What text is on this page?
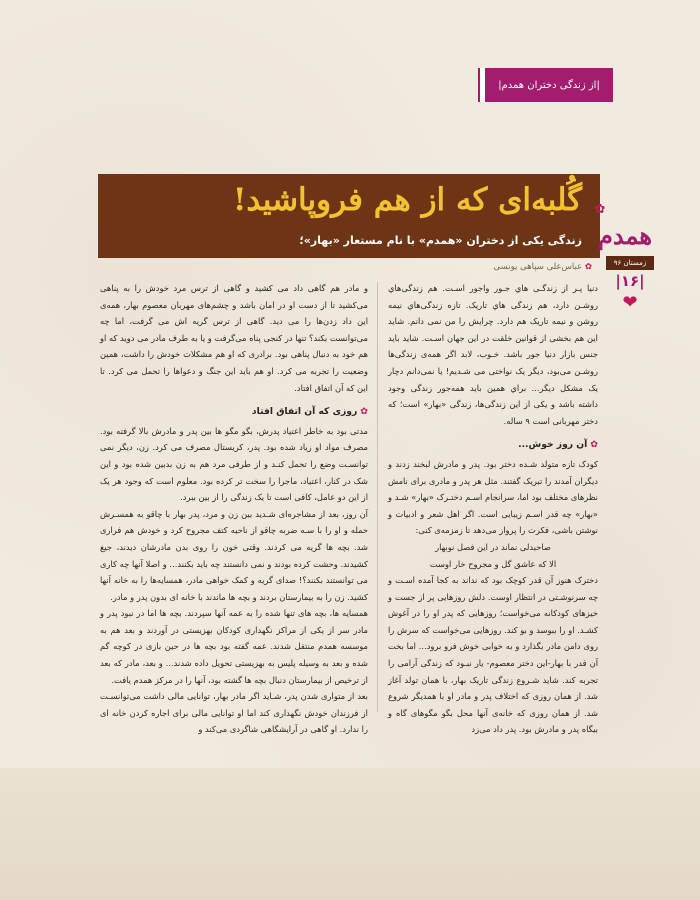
|از زندگی دختران همدم|
گُلبه‌ای که از هم فروپاشید!
زندگی یکی از دختران «همدم» با نام مستعار «بهار»؛
✿
همدم
زمستان ۹۶
|۱۶|
❤
✿ عباس‌علی سپاهی یونسی

دنیا پـر از زندگـی هاي جـور واجور اسـت. هم زندگی‌هاي روشـن دارد، هم زندگی هاي تاريک. تازه زندگی‌هاي نیمه روشن و نیمه تاريک هم دارد. چرايش را من نمی دانم. شايد اين هم بخشی از قوانین خلقت در اين جهان اسـت. شايد بايد جنس بازار دنیا جور باشد. خـوب، لابد اگر همه‌ی زندگی‌ها روشـن می‌بود، ديگر يک نواختی می شـد‌يم! يا نمی‌دانم دچار يک مشکل ديگر... براي همين بايد همه‌جور زندگی وجود داشته باشد و يکی از اين زندگی‌ها، زندگی «بهار» است؛ که دختر مهربانی است ۹ ساله.

✿آن روز خوش...

کودک تازه متولد شـده دختر بود. پدر و مادرش لبخند زدند و ديگران آمدند را تبريک گفتند. مثل هر پدر و مادری برای نامش نظرهای مختلف بود اما، سرانجام اسـم دختـرک «بهار» شـد و «بهار» چه قدر اسـم زيبايی است. اگر اهل شعر و ادبيات و نوشتن باشی، فکرت را پرواز می‌دهد تا زمزمه‌ی کنی:

صاحبدلی نماند در اين فصل نوبهار

الا که عاشق گل و مجروح خار اوست

دخترک هنوز آن قدر کوچک بود که نداند به کجا آمده اسـت و چه سرنوشـتی در انتظار اوست. دلش روزهايی پر از جست و خيزهای کودکانه می‌خواست؛ روزهايی که پدر او را در آغوش کشـد. او را ببوسد و بو کند. روزهايی می‌خواست که سرش را روی دامن مادر بگذارد و به خوابی خوش فرو برود... اما بخت آن قدر با بهار-اين دختر معصوم- يار نبـود که زندگی آرامی را تجربه کند. شايد شـروع زندگی تاريک بهار، با همان تولد آغاز شد. از همان روزی که اختلاف پدر و مادر او با همديگر شروع شد. از همان روزی که خانه‌ی آنها محل بگو مگوهای گاه و بيگاه پدر و مادرش بود. پدر داد می‌زد

و مادر هم گاهی داد می کشید و گاهی از ترس مرد خودش را به پناهی می‌کشید تا از دست او در امان باشد و چشم‌های مهربان معصوم بهار، همه‌ی این داد زدن‌ها را می دید. گاهی از ترس گریه اش می گرفت، اما چه می‌توانست بکند؟ تنها در کنجی پناه می‌گرفت و یا به طرف مادر می دوید که او هم خود به دنبال پناهی بود. برادری که او هم مشکلات خودش را داشت، همین وضعیت را تجربه می کرد. او هم باید این جنگ و دعواها را تحمل می کرد. تا این که آن اتفاق افتاد.

✿روزی که آن اتفاق افتاد

مدتی بود به خاطر اعتیاد پدرش، بگو مگو ها بین پدر و مادرش بالا گرفته بود. مصرف مواد او زیاد شده بود. پدر، کریستال مصرف می کرد. زن، دیگر نمی توانسـت وضع را تحمل کنـد و از طرفی مرد هم به زن بدبین شده بود و این شک در کنار، اعتیاد، ماجرا را سخت تر کرده بود. معلوم است که وجود هر یک از این دو عامل، کافی است تا یک زندگی را از بین ببرد.

آن روز، بعد از مشاجره‌ای شـدید بین زن و مرد، پدر بهار با چاقو به همسـرش حمله و او را با سـه ضربه چاقو از ناحیه کتف مجروح کرد و خودش هم فراری شد. بچه ها گریه می کردند. وقتی خون را روی بدن مادرشان دیدند، جیغ کشیدند. وحشت کرده بودند و نمی دانستند چه باید بکنند... و اصلا آنها چه کاری می توانستند بکنند؟! صدای گریه و کمک خواهی مادر، همسایه‌ها را به خانه آنها کشید. زن را به بیمارستان بردند و بچه ها ماندند با خانه ای بدون پدر و مادر.

همسایه ها، بچه های تنها شده را به عمه آنها سپردند. بچه ها اما در نبود پدر و مادر سر از یکی از مراکز نگهداری کودکان بهزیستی در آوردند و بعد هم به موسسه همدم منتقل شدند. عمه گفته بود بچه ها در حین بازی در کوچه گم شده و بعد به وسیله پلیس به بهزیستی تحویل داده شدند... و بعد، مادر که بعد از ترخیص از بیمارستان دنبال بچه ها گشته بود، آنها را در مرکز همدم یافت.

بعد از متواری شدن پدر، شـاید اگر مادر بهار، توانایی مالی داشت می‌توانسـت از فرزندان خودش نگهداری کند اما او توانایی مالی برای اجاره کردن خانه ای را ندارد. او گاهی در آرایشگاهی شاگردی می‌کند و
